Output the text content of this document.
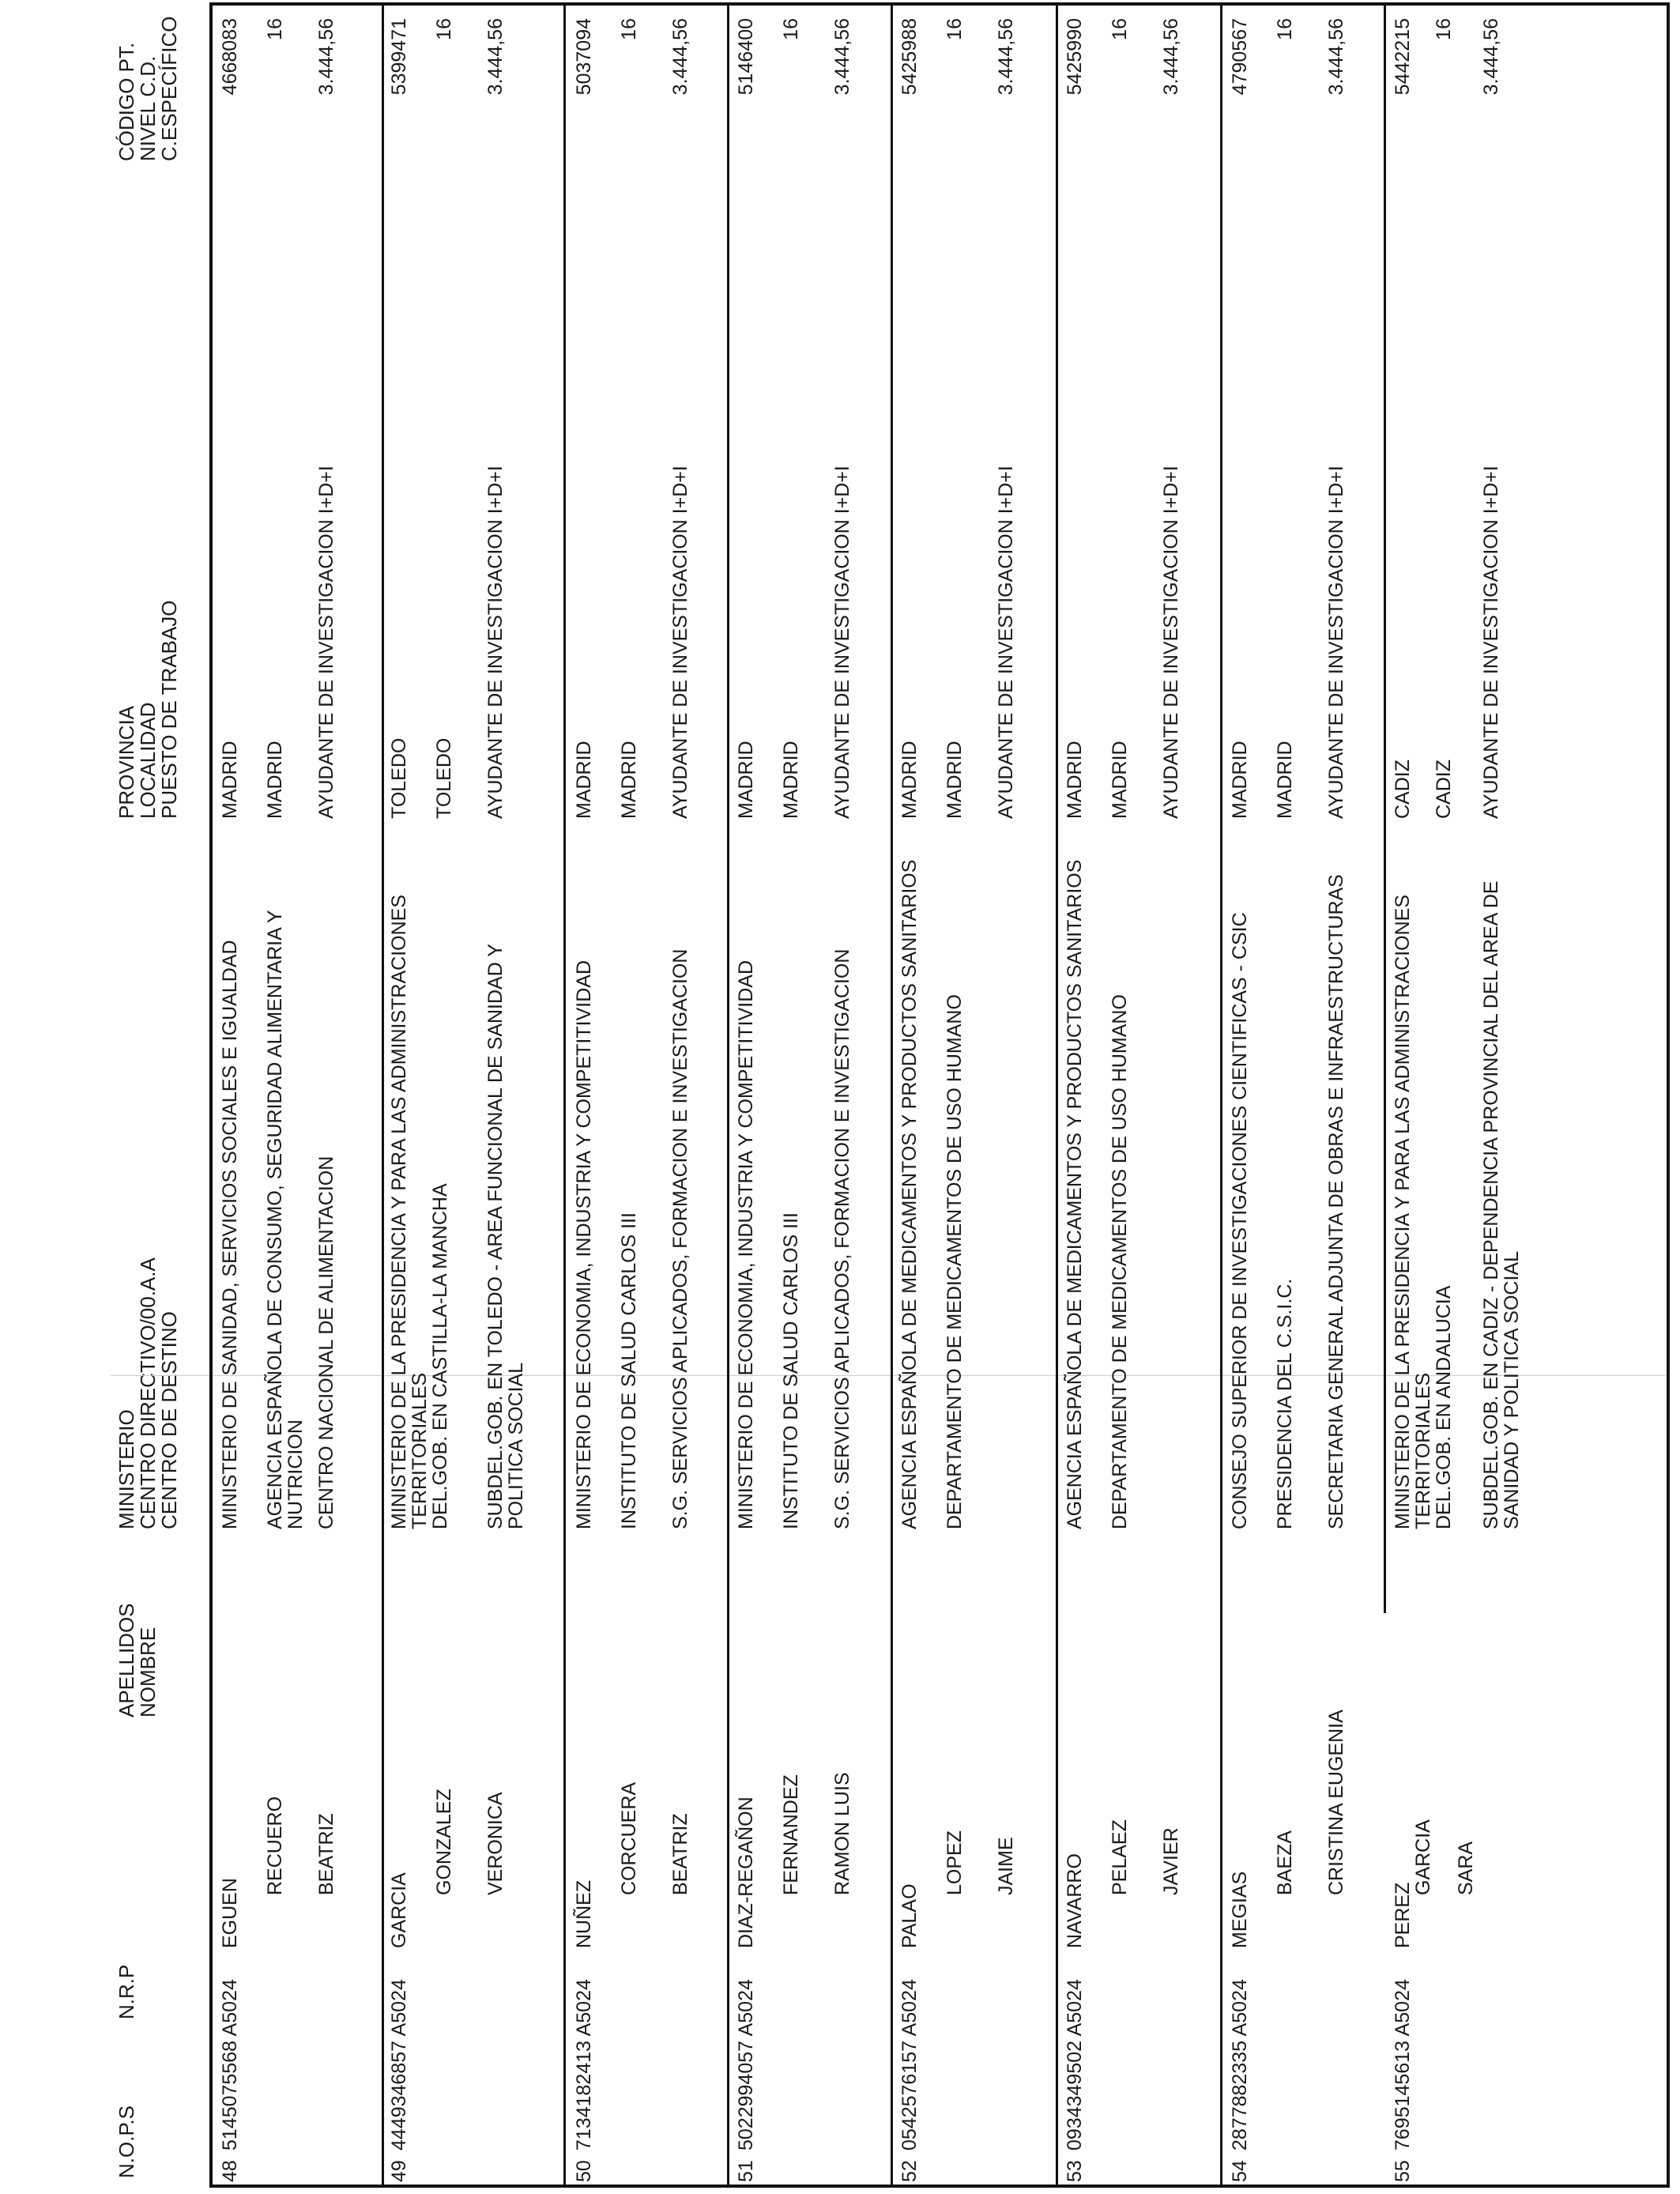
N.O.P.S
N.R.P
APELLIDOS
NOMBRE
MINISTERIO
CENTRO DIRECTIVO/00.A.A
CENTRO DE DESTINO
PROVINCIA
LOCALIDAD
PUESTO DE TRABAJO
CÓDIGO PT.
NIVEL C.D.
C.ESPECÍFICO
48
5145075568 A5024
EGUEN
RECUERO BEATRIZ
MINISTERIO DE SANIDAD, SERVICIOS SOCIALES E IGUALDAD AGENCIA ESPAÑOLA DE CONSUMO, SEGURIDAD ALIMENTARIA Y NUTRICION CENTRO NACIONAL DE ALIMENTACION
MADRID MADRID AYUDANTE DE INVESTIGACION I+D+I
4668083 16 3.444,56
49
4449346857 A5024
GARCIA
GONZALEZ VERONICA
MINISTERIO DE LA PRESIDENCIA Y PARA LAS ADMINISTRACIONES TERRITORIALES
DEL.GOB. EN CASTILLA-LA MANCHA SUBDEL.GOB. EN TOLEDO - AREA FUNCIONAL DE SANIDAD Y POLITICA SOCIAL
TOLEDO TOLEDO AYUDANTE DE INVESTIGACION I+D+I
5399471 16 3.444,56
50
7134182413 A5024
NUÑEZ
CORCUERA BEATRIZ
MINISTERIO DE ECONOMIA, INDUSTRIA Y COMPETITIVIDAD INSTITUTO DE SALUD CARLOS III S.G. SERVICIOS APLICADOS, FORMACION E INVESTIGACION
MADRID MADRID AYUDANTE DE INVESTIGACION I+D+I
5037094 16 3.444,56
51
5022994057 A5024
DIAZ-REGAÑON FERNANDEZ RAMON LUIS
MINISTERIO DE ECONOMIA, INDUSTRIA Y COMPETITIVIDAD INSTITUTO DE SALUD CARLOS III S.G. SERVICIOS APLICADOS, FORMACION E INVESTIGACION
MADRID MADRID AYUDANTE DE INVESTIGACION I+D+I
5146400 16 3.444,56
52
0542576157 A5024
PALAO
LOPEZ JAIME
AGENCIA ESPAÑOLA DE MEDICAMENTOS Y PRODUCTOS SANITARIOS DEPARTAMENTO DE MEDICAMENTOS DE USO HUMANO
MADRID MADRID AYUDANTE DE INVESTIGACION I+D+I
5425988 16 3.444,56
53
0934349502 A5024
NAVARRO PELAEZ JAVIER
AGENCIA ESPAÑOLA DE MEDICAMENTOS Y PRODUCTOS SANITARIOS DEPARTAMENTO DE MEDICAMENTOS DE USO HUMANO
MADRID MADRID AYUDANTE DE INVESTIGACION I+D+I
5425990 16 3.444,56
54
2877882335 A5024
MEGIAS
BAEZA CRISTINA EUGENIA
CONSEJO SUPERIOR DE INVESTIGACIONES CIENTIFICAS - CSIC PRESIDENCIA DEL C.S.I.C. SECRETARIA GENERAL ADJUNTA DE OBRAS E INFRAESTRUCTURAS
MADRID MADRID AYUDANTE DE INVESTIGACION I+D+I
4790567 16 3.444,56
55
7695145613 A5024
PEREZ
GARCIA SARA
MINISTERIO DE LA PRESIDENCIA Y PARA LAS ADMINISTRACIONES TERRITORIALES
DEL.GOB. EN ANDALUCIA SUBDEL.GOB. EN CADIZ - DEPENDENCIA PROVINCIAL DEL AREA DE SANIDAD Y POLITICA SOCIAL
CADIZ CADIZ AYUDANTE DE INVESTIGACION I+D+I
5442215 16 3.444,56
